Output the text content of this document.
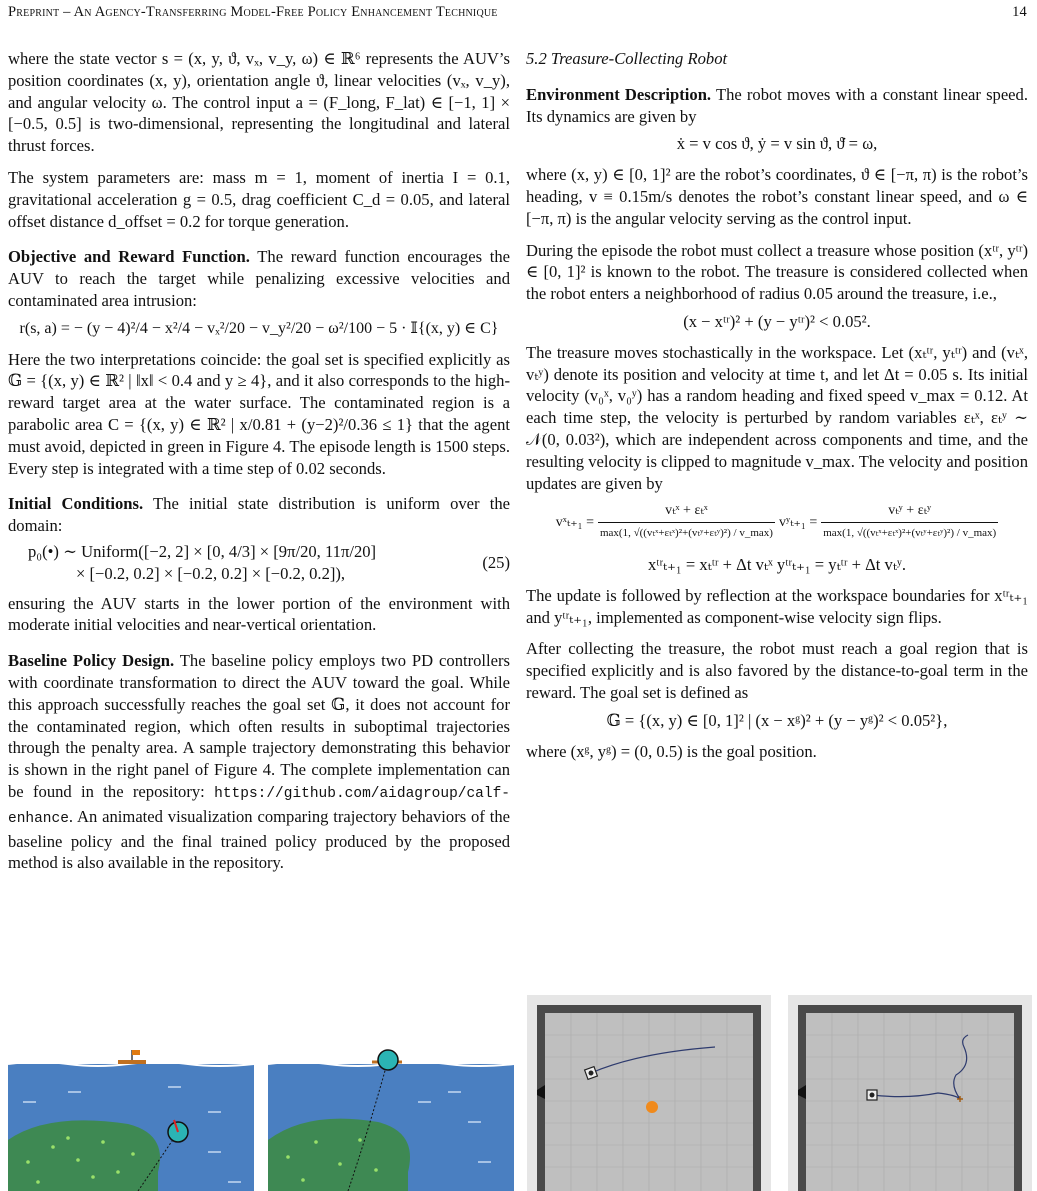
Preprint – An Agency-Transferring Model-Free Policy Enhancement Technique	14

where the state vector s = (x, y, ϑ, vₓ, v_y, ω) ∈ ℝ⁶ represents the AUV’s position coordinates (x, y), orientation angle ϑ, linear velocities (vₓ, v_y), and angular velocity ω. The control input a = (F_long, F_lat) ∈ [−1, 1] × [−0.5, 0.5] is two-dimensional, representing the longitudinal and lateral thrust forces.

The system parameters are: mass m = 1, moment of inertia I = 0.1, gravitational acceleration g = 0.5, drag coefficient C_d = 0.05, and lateral offset distance d_offset = 0.2 for torque generation.

Objective and Reward Function. The reward function encourages the AUV to reach the target while penalizing excessive velocities and contaminated area intrusion:

r(s, a) = − (y − 4)²/4 − x²/4 − vₓ²/20 − v_y²/20 − ω²/100 − 5 · 𝕀{(x, y) ∈ C}

Here the two interpretations coincide: the goal set is specified explicitly as 𝔾 = {(x, y) ∈ ℝ² | ‖x‖ < 0.4 and y ≥ 4}, and it also corresponds to the high-reward target area at the water surface. The contaminated region is a parabolic area C = {(x, y) ∈ ℝ² | x/0.81 + (y−2)²/0.36 ≤ 1} that the agent must avoid, depicted in green in Figure 4. The episode length is 1500 steps. Every step is integrated with a time step of 0.02 seconds.

Initial Conditions. The initial state distribution is uniform over the domain:

p₀(•) ∼ Uniform([−2, 2] × [0, 4/3] × [9π/20, 11π/20]
× [−0.2, 0.2] × [−0.2, 0.2] × [−0.2, 0.2]),
(25)

ensuring the AUV starts in the lower portion of the environment with moderate initial velocities and near-vertical orientation.

Baseline Policy Design. The baseline policy employs two PD controllers with coordinate transformation to direct the AUV toward the goal. While this approach successfully reaches the goal set 𝔾, it does not account for the contaminated region, which often results in suboptimal trajectories through the penalty area. A sample trajectory demonstrating this behavior is shown in the right panel of Figure 4. The complete implementation can be found in the repository: https://github.com/aidagroup/calf-enhance. An animated visualization comparing trajectory behaviors of the baseline policy and the final trained policy produced by the proposed method is also available in the repository.

5.2 Treasure-Collecting Robot

Environment Description. The robot moves with a constant linear speed. Its dynamics are given by

ẋ = v cos ϑ, ẏ = v sin ϑ, ϑ̇ = ω,

where (x, y) ∈ [0, 1]² are the robot’s coordinates, ϑ ∈ [−π, π) is the robot’s heading, v ≡ 0.15m/s denotes the robot’s constant linear speed, and ω ∈ [−π, π) is the angular velocity serving as the control input.

During the episode the robot must collect a treasure whose position (xᵗʳ, yᵗʳ) ∈ [0, 1]² is known to the robot. The treasure is considered collected when the robot enters a neighborhood of radius 0.05 around the treasure, i.e.,

(x − xᵗʳ)² + (y − yᵗʳ)² < 0.05².

The treasure moves stochastically in the workspace. Let (xₜᵗʳ, yₜᵗʳ) and (vₜˣ, vₜʸ) denote its position and velocity at time t, and let Δt = 0.05 s. Its initial velocity (v₀ˣ, v₀ʸ) has a random heading and fixed speed v_max = 0.12. At each time step, the velocity is perturbed by random variables εₜˣ, εₜʸ ∼ 𝒩(0, 0.03²), which are independent across components and time, and the resulting velocity is clipped to magnitude v_max. The velocity and position updates are given by

vˣₜ₊₁ = $\frac{\text{vₜˣ + εₜˣ}}{\text{max(1, √((vₜˣ+εₜˣ)²+(vₜʸ+εₜʸ)²) / v\_max)}}$ vʸₜ₊₁ = $\frac{\text{vₜʸ + εₜʸ}}{\text{max(1, √((vₜˣ+εₜˣ)²+(vₜʸ+εₜʸ)²) / v\_max)}}$
xᵗʳₜ₊₁ = xₜᵗʳ + Δt vₜˣ yᵗʳₜ₊₁ = yₜᵗʳ + Δt vₜʸ.

The update is followed by reflection at the workspace boundaries for xᵗʳₜ₊₁ and yᵗʳₜ₊₁, implemented as component-wise velocity sign flips.

After collecting the treasure, the robot must reach a goal region that is specified explicitly and is also favored by the distance-to-goal term in the reward. The goal set is defined as

𝔾 = {(x, y) ∈ [0, 1]² | (x − xᵍ)² + (y − yᵍ)² < 0.05²},

where (xᵍ, yᵍ) = (0, 0.5) is the goal position.
